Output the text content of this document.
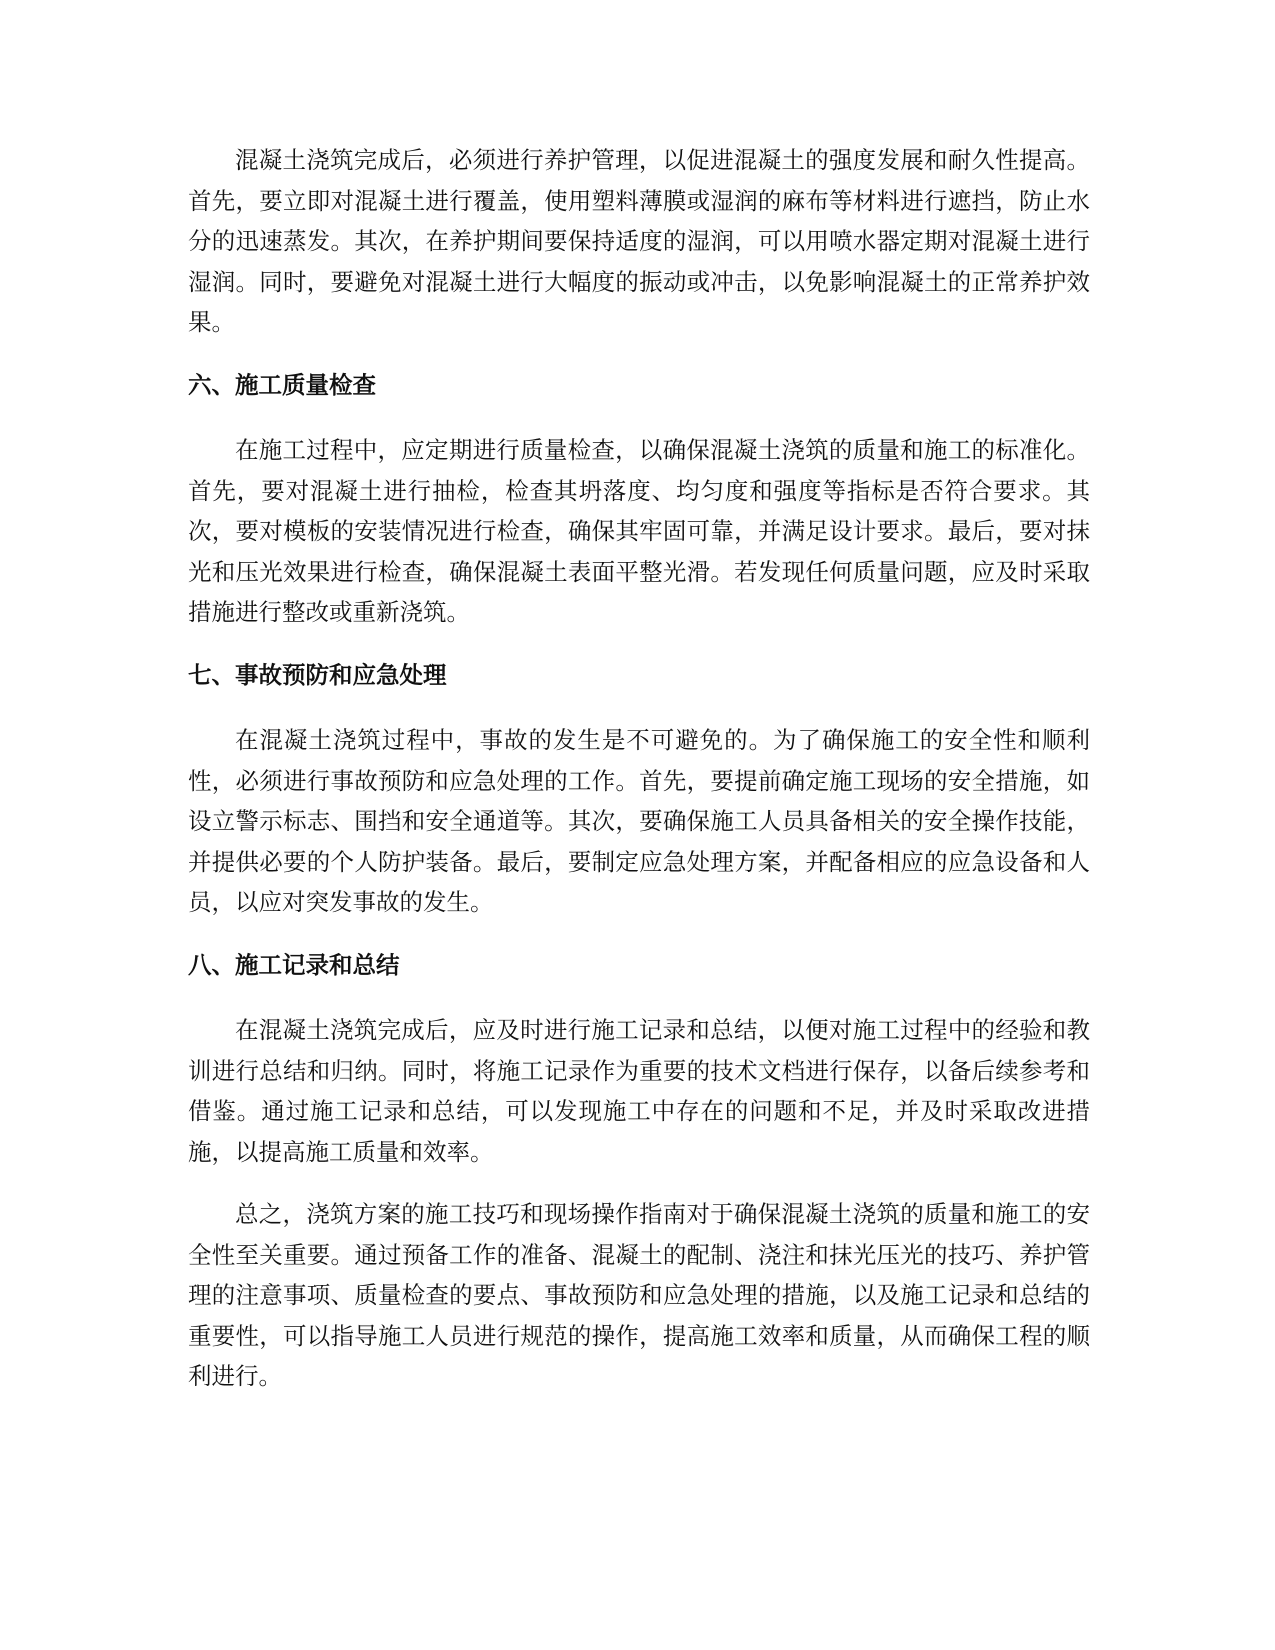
混凝土浇筑完成后，必须进行养护管理，以促进混凝土的强度发展和耐久性提高。首先，要立即对混凝土进行覆盖，使用塑料薄膜或湿润的麻布等材料进行遮挡，防止水分的迅速蒸发。其次，在养护期间要保持适度的湿润，可以用喷水器定期对混凝土进行湿润。同时，要避免对混凝土进行大幅度的振动或冲击，以免影响混凝土的正常养护效果。

六、施工质量检查

在施工过程中，应定期进行质量检查，以确保混凝土浇筑的质量和施工的标准化。首先，要对混凝土进行抽检，检查其坍落度、均匀度和强度等指标是否符合要求。其次，要对模板的安装情况进行检查，确保其牢固可靠，并满足设计要求。最后，要对抹光和压光效果进行检查，确保混凝土表面平整光滑。若发现任何质量问题，应及时采取措施进行整改或重新浇筑。

七、事故预防和应急处理

在混凝土浇筑过程中，事故的发生是不可避免的。为了确保施工的安全性和顺利性，必须进行事故预防和应急处理的工作。首先，要提前确定施工现场的安全措施，如设立警示标志、围挡和安全通道等。其次，要确保施工人员具备相关的安全操作技能，并提供必要的个人防护装备。最后，要制定应急处理方案，并配备相应的应急设备和人员，以应对突发事故的发生。

八、施工记录和总结

在混凝土浇筑完成后，应及时进行施工记录和总结，以便对施工过程中的经验和教训进行总结和归纳。同时，将施工记录作为重要的技术文档进行保存，以备后续参考和借鉴。通过施工记录和总结，可以发现施工中存在的问题和不足，并及时采取改进措施，以提高施工质量和效率。

总之，浇筑方案的施工技巧和现场操作指南对于确保混凝土浇筑的质量和施工的安全性至关重要。通过预备工作的准备、混凝土的配制、浇注和抹光压光的技巧、养护管理的注意事项、质量检查的要点、事故预防和应急处理的措施，以及施工记录和总结的重要性，可以指导施工人员进行规范的操作，提高施工效率和质量，从而确保工程的顺利进行。
